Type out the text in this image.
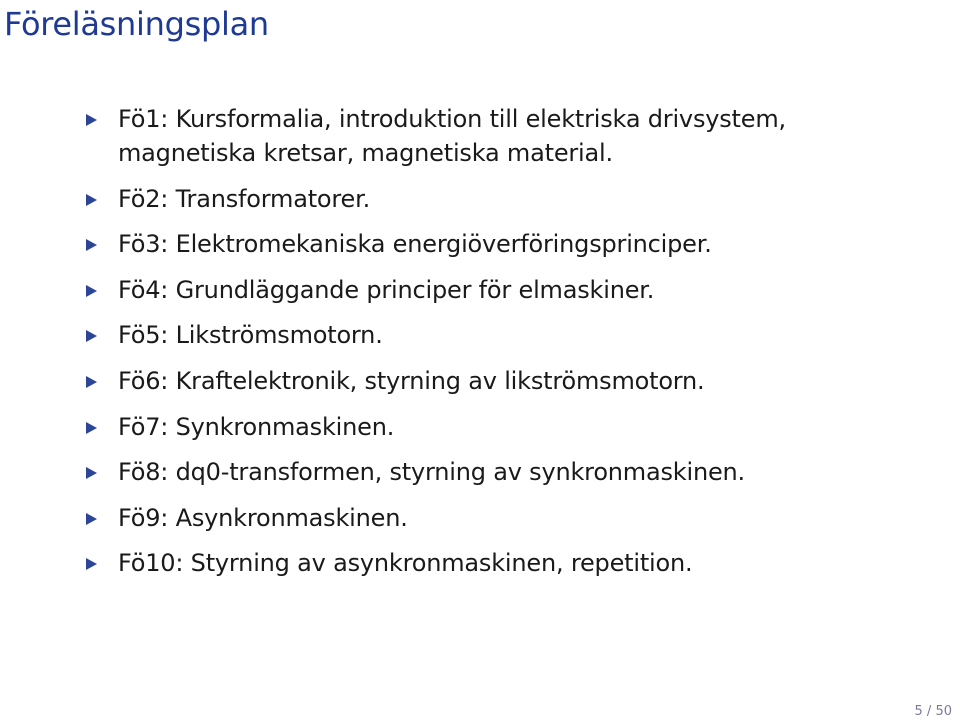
Föreläsningsplan
Fö1: Kursformalia, introduktion till elektriska drivsystem, magnetiska kretsar, magnetiska material.
Fö2: Transformatorer.
Fö3: Elektromekaniska energiöverföringsprinciper.
Fö4: Grundläggande principer för elmaskiner.
Fö5: Likströmsmotorn.
Fö6: Kraftelektronik, styrning av likströmsmotorn.
Fö7: Synkronmaskinen.
Fö8: dq0-transformen, styrning av synkronmaskinen.
Fö9: Asynkronmaskinen.
Fö10: Styrning av asynkronmaskinen, repetition.
5 / 50
